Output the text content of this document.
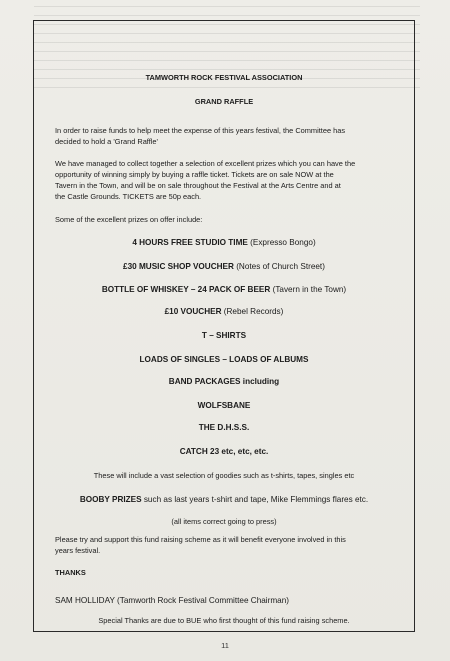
TAMWORTH ROCK FESTIVAL ASSOCIATION
GRAND RAFFLE
In order to raise funds to help meet the expense of this years festival, the Committee has
decided to hold a 'Grand Raffle'
We have managed to collect together a selection of excellent prizes which you can have the
opportunity of winning simply by buying a raffle ticket. Tickets are on sale NOW at the
Tavern in the Town, and will be on sale throughout the Festival at the Arts Centre and at
the Castle Grounds. TICKETS are 50p each.
Some of the excellent prizes on offer include:
4 HOURS FREE STUDIO TIME (Expresso Bongo)
£30 MUSIC SHOP VOUCHER (Notes of Church Street)
BOTTLE OF WHISKEY – 24 PACK OF BEER (Tavern in the Town)
£10 VOUCHER (Rebel Records)
T – SHIRTS
LOADS OF SINGLES – LOADS OF ALBUMS
BAND PACKAGES including
WOLFSBANE
THE D.H.S.S.
CATCH 23 etc, etc, etc.
These will include a vast selection of goodies such as t-shirts, tapes, singles etc
BOOBY PRIZES such as last years t-shirt and tape, Mike Flemmings flares etc.
(all items correct going to press)
Please try and support this fund raising scheme as it will benefit everyone involved in this
years festival.
THANKS
SAM HOLLIDAY (Tamworth Rock Festival Committee Chairman)
Special Thanks are due to BUE who first thought of this fund raising scheme.
11
